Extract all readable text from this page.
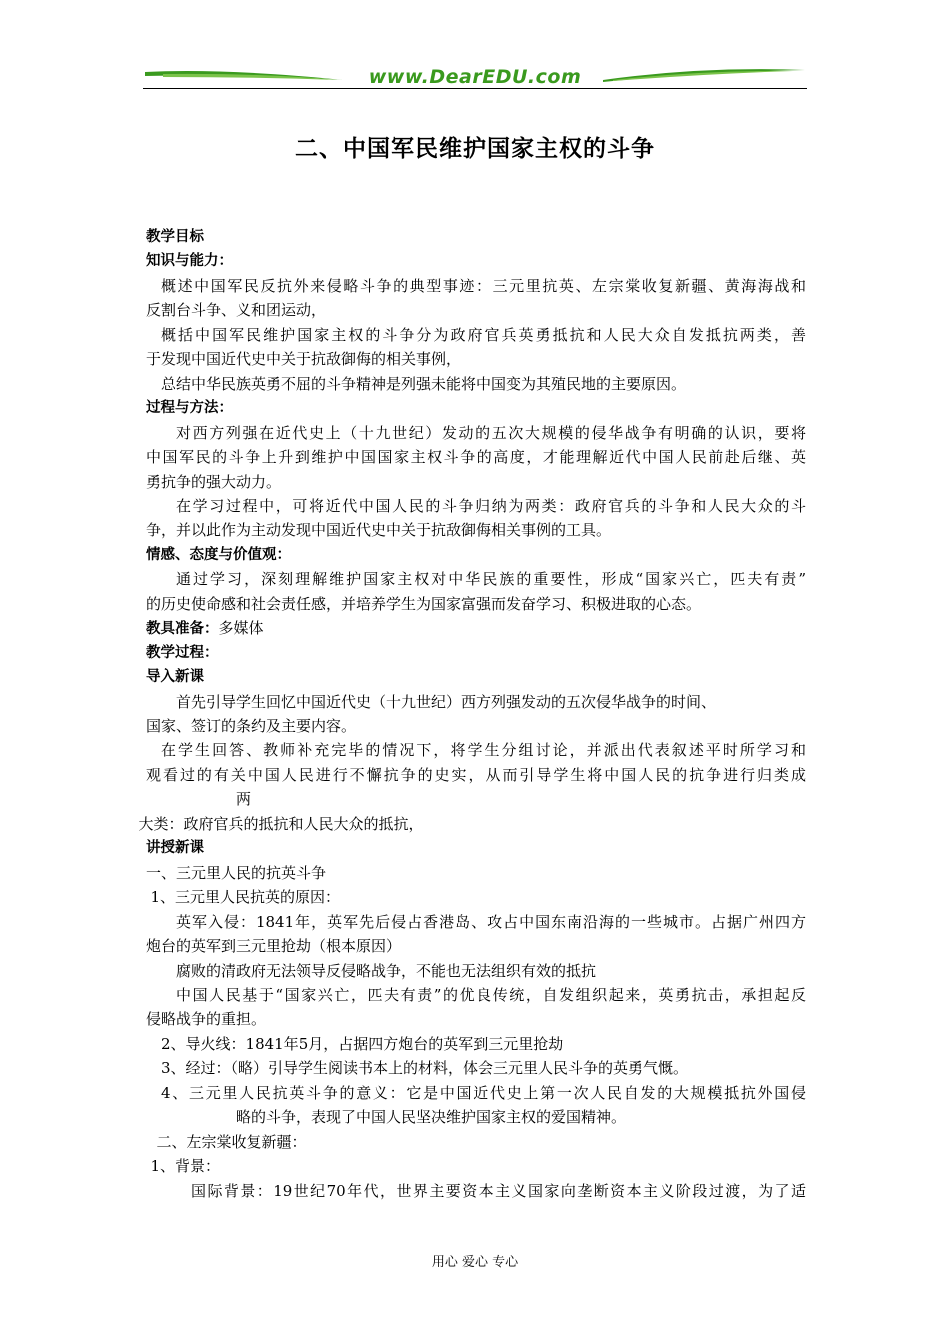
www.DearEDU.com
二、中国军民维护国家主权的斗争
教学目标
知识与能力：
概述中国军民反抗外来侵略斗争的典型事迹：三元里抗英、左宗棠收复新疆、黄海海战和
反割台斗争、义和团运动，
概括中国军民维护国家主权的斗争分为政府官兵英勇抵抗和人民大众自发抵抗两类，善
于发现中国近代史中关于抗敌御侮的相关事例，
总结中华民族英勇不屈的斗争精神是列强未能将中国变为其殖民地的主要原因。
过程与方法：
对西方列强在近代史上（十九世纪）发动的五次大规模的侵华战争有明确的认识，要将
中国军民的斗争上升到维护中国国家主权斗争的高度，才能理解近代中国人民前赴后继、英
勇抗争的强大动力。
在学习过程中，可将近代中国人民的斗争归纳为两类：政府官兵的斗争和人民大众的斗
争，并以此作为主动发现中国近代史中关于抗敌御侮相关事例的工具。
情感、态度与价值观：
通过学习，深刻理解维护国家主权对中华民族的重要性，形成“国家兴亡，匹夫有责”
的历史使命感和社会责任感，并培养学生为国家富强而发奋学习、积极进取的心态。
教具准备：多媒体
教学过程：
导入新课
首先引导学生回忆中国近代史（十九世纪）西方列强发动的五次侵华战争的时间、
国家、签订的条约及主要内容。
在学生回答、教师补充完毕的情况下，将学生分组讨论，并派出代表叙述平时所学习和
观看过的有关中国人民进行不懈抗争的史实，从而引导学生将中国人民的抗争进行归类成
两
大类：政府官兵的抵抗和人民大众的抵抗，
讲授新课
一、三元里人民的抗英斗争
1、三元里人民抗英的原因：
英军入侵：1841年，英军先后侵占香港岛、攻占中国东南沿海的一些城市。占据广州四方
炮台的英军到三元里抢劫（根本原因）
腐败的清政府无法领导反侵略战争，不能也无法组织有效的抵抗
中国人民基于“国家兴亡，匹夫有责”的优良传统，自发组织起来，英勇抗击，承担起反
侵略战争的重担。
2、导火线：1841年5月，占据四方炮台的英军到三元里抢劫
3、经过：（略）引导学生阅读书本上的材料，体会三元里人民斗争的英勇气慨。
4、三元里人民抗英斗争的意义：它是中国近代史上第一次人民自发的大规模抵抗外国侵
略的斗争，表现了中国人民坚决维护国家主权的爱国精神。
二、左宗棠收复新疆：
1、背景：
国际背景：19世纪70年代，世界主要资本主义国家向垄断资本主义阶段过渡，为了适
用心 爱心 专心
